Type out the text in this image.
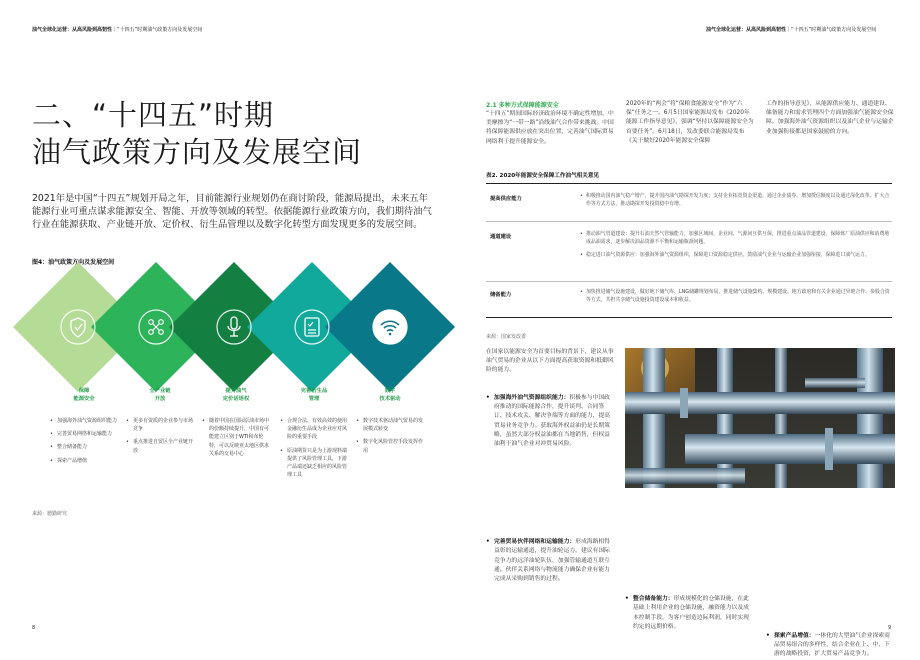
油气全球化运营：从高风险到高韧性｜“十四五”时期油气政策方向及发展空间
二、“十四五”时期
油气政策方向及发展空间

2021年是中国“十四五”规划开局之年，目前能源行业规划仍在商讨阶段，能源局提出，未来五年能源行业可重点谋求能源安全、智能、开放等领域的转型。依据能源行业政策方向，我们期待油气行业在能源获取、产业链开放、定价权、衍生品管理以及数字化转型方面发现更多的发展空间。

图4：油气政策方向及发展空间
保障
能源安全
• 加强海外油气资源组织能力
• 完善贸易网络和运输能力
• 整合储备能力
• 探索产品增值
全产业链
开放
• 更多有资质的企业参与市场竞争
• 重点推进自贸区全产业链开放
提升油气
定价话语权
• 随着中国在国际原油市场中的份额持续提升，中国有可能建立区别于WTI和布伦特，可以反映亚太地区供求关系的交易中心
完善衍生品
管理
• 合规合法、有效高效的使用金融衍生品成为企业应对风险的重要手段
• 原油期货只是为上游现料端提供了风险管理工具，下游产品端还缺乏相应的风险管理工具
数字
技术驱动
• 数字技术驱动油气贸易的发展模式转变
• 数字化风险管控手段发挥作用
来源：德勤研究
8
油气全球化运营：从高风险到高韧性｜“十四五”时期油气政策方向及发展空间
2.1 多种方式保障能源安全
“十四五”期间国际经济政治环境不确定性增加，中美摩擦为“一带一路”沿线油气合作带来挑战。中国将保障能源供应放在突出位置，完善油气国际贸易网络利于提升能源安全。
2020年的“两会”将“保粮食能源安全”作为“六保”任务之一。6月5日国家能源局发布《2020年能源工作指导意见》，强调“坚持以保障能源安全为首要任务”。6月18日，发改委联合能源局发布《关于做好2020年能源安全保障
工作的指导意见》，从能源供应能力、通道建设、储备能力和需求管理四个方面加强油气能源安全保障。加强海外油气资源组织以及油气企业与运输企业加强衔接都是国家鼓励的方向。
表2. 2020年能源安全保障工作油气相关意见
提高供应能力	• 积极推动国内油气稳产增产，提升国内油气勘探开发力度；支持企业拓宽资金渠道，通过企业债券、增加授信额度以及通过深化改革、扩大合作等方式方法，推动勘探开发投资稳中有增。
通道建设	• 推动油气管道建设：提升石油天然气管输能力，加强区域间、企业间、气源间互供互保，推进重点油品管道建设，保障炼厂原油供应和消费地成品油需求，逐步解决油品资源不平衡和运输瓶颈问题。
• 稳定进口油气资源供应：加强海外油气资源组织，保障进口资源稳定供应。鼓励油气企业与运输企业加强衔接，保障进口油气运力。
储备能力	• 加快推进储气设施建设，做好地下储气库、LNG储罐规划布局，推进储气设施集约、规模建设。地方政府和有关企业通过异地合作、参股合资等方式，共担共享储气设施投资建设成本和收益。
来源：国家发改委
在国家以能源安全为首要目标的背景下，建议从事油气贸易的企业从以下方面提高获取资源和抵御风险的能力。
• 加强海外油气资源组织能力：积极参与中国政府推动的国际能源合作，提升谈判、合同签订、技术攻关、解决争端等方面的能力，提高贸易业务竞争力。获取海外权益油仍是长期策略，虽然大部分权益油都在当地销售，但权益油利于油气企业对冲贸易风险。
• 完善贸易伙伴网络和运输能力：形成海路相得益彰的运输通道，提升油轮运力。建议有国际竞争力的远洋油轮队伍，加强管输通道互联互通。伙伴关系网络与物流能力确保企业有能力完成从采购到销售的过程。
• 整合储备能力：形成规模化的仓储设施，在此基础上利用企业的仓储设施，融资能力以及成本控制手段，为客户创造边际利润，同时实现约定的远期价格。
• 探索产品增值：一体化的大型油气企业探索商品贸易组合的多样性，结合企业在上、中、下游的战略投资，扩大贸易产品竞争力。
9
